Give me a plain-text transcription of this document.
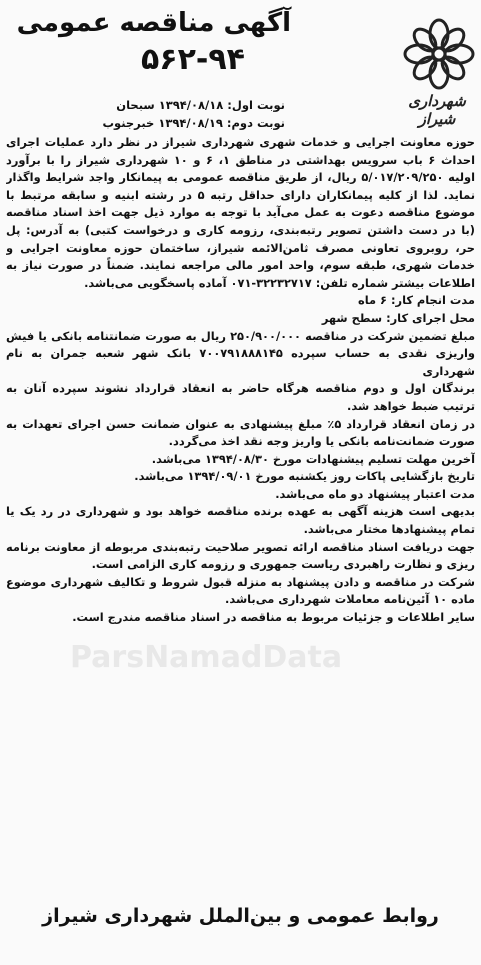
آگهی مناقصه عمومی
۵۶۲-۹۴
شهرداری شیراز
نوبت اول: ۱۳۹۴/۰۸/۱۸ سبحان
نوبت دوم: ۱۳۹۴/۰۸/۱۹ خبرجنوب

حوزه معاونت اجرایی و خدمات شهری شهرداری شیراز در نظر دارد عملیات اجرای احداث ۶ باب سرویس بهداشتی در مناطق ۱، ۶ و ۱۰ شهرداری شیراز را با برآورد اولیه ۵/۰۱۷/۲۰۹/۲۵۰ ریال، از طریق مناقصه عمومی به پیمانکار واجد شرایط واگذار نماید. لذا از کلیه پیمانکاران دارای حداقل رتبه ۵ در رشته ابنیه و سابقه مرتبط با موضوع مناقصه دعوت به عمل می‌آید با توجه به موارد ذیل جهت اخذ اسناد مناقصه (با در دست داشتن تصویر رتبه‌بندی، رزومه کاری و درخواست کتبی) به آدرس: پل حر، روبروی تعاونی مصرف ثامن‌الائمه شیراز، ساختمان حوزه معاونت اجرایی و خدمات شهری، طبقه سوم، واحد امور مالی مراجعه نمایند. ضمناً در صورت نیاز به اطلاعات بیشتر شماره تلفن: ۳۲۲۳۲۷۱۷-۰۷۱ آماده پاسخگویی می‌باشد.

مدت انجام کار: ۶ ماه

محل اجرای کار: سطح شهر

مبلغ تضمین شرکت در مناقصه ۲۵۰/۹۰۰/۰۰۰ ریال به صورت ضمانتنامه بانکی یا فیش واریزی نقدی به حساب سپرده ۷۰۰۷۹۱۸۸۸۱۴۵ بانک شهر شعبه جمران به نام شهرداری

برندگان اول و دوم مناقصه هرگاه حاضر به انعقاد قرارداد نشوند سپرده آنان به ترتیب ضبط خواهد شد.

در زمان انعقاد قرارداد ۵٪ مبلغ پیشنهادی به عنوان ضمانت حسن اجرای تعهدات به صورت ضمانت‌نامه بانکی یا واریز وجه نقد اخذ می‌گردد.

آخرین مهلت تسلیم پیشنهادات مورخ ۱۳۹۴/۰۸/۳۰ می‌باشد.

تاریخ بازگشایی پاکات روز یکشنبه مورخ ۱۳۹۴/۰۹/۰۱ می‌باشد.

مدت اعتبار پیشنهاد دو ماه می‌باشد.

بدیهی است هزینه آگهی به عهده برنده مناقصه خواهد بود و شهرداری در رد یک یا تمام پیشنهادها مختار می‌باشد.

جهت دریافت اسناد مناقصه ارائه تصویر صلاحیت رتبه‌بندی مربوطه از معاونت برنامه ریزی و نظارت راهبردی ریاست جمهوری و رزومه کاری الزامی است.

شرکت در مناقصه و دادن پیشنهاد به منزله قبول شروط و تکالیف شهرداری موضوع ماده ۱۰ آئین‌نامه معاملات شهرداری می‌باشد.

سایر اطلاعات و جزئیات مربوط به مناقصه در اسناد مناقصه مندرج است.

ParsNamadData
روابط عمومی و بین‌الملل شهرداری شیراز
